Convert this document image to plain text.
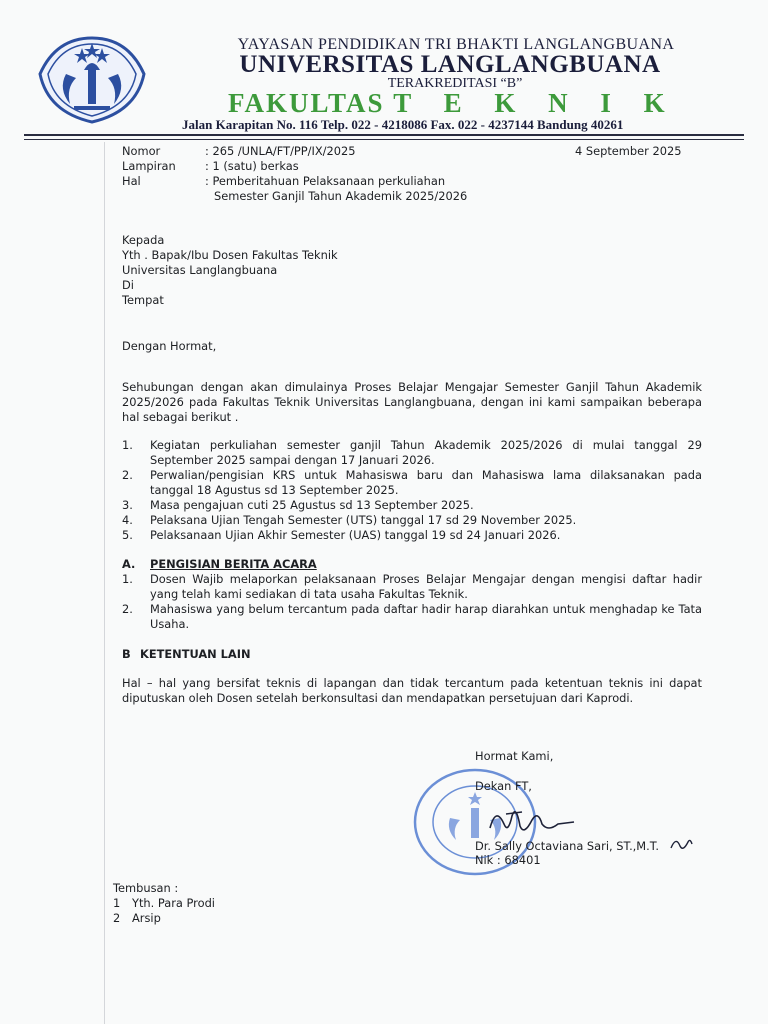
YAYASAN PENDIDIKAN TRI BHAKTI LANGLANGBUANA
UNIVERSITAS LANGLANGBUANA
TERAKREDITASI “B”
FAKULTAS T E K N I K
Jalan Karapitan No. 116 Telp. 022 - 4218086 Fax. 022 - 4237144 Bandung 40261
Nomor	: 265 /UNLA/FT/PP/IX/2025	4 September 2025
Lampiran	: 1 (satu) berkas
Hal	: Pemberitahuan Pelaksanaan perkuliahan
Semester Ganjil Tahun Akademik 2025/2026
Kepada
Yth . Bapak/Ibu Dosen Fakultas Teknik
Universitas Langlangbuana
Di
Tempat
Dengan Hormat,
Sehubungan dengan akan dimulainya Proses Belajar Mengajar Semester Ganjil Tahun Akademik 2025/2026 pada Fakultas Teknik Universitas Langlangbuana, dengan ini kami sampaikan beberapa hal sebagai berikut .
1. Kegiatan perkuliahan semester ganjil Tahun Akademik 2025/2026 di mulai tanggal 29 September 2025 sampai dengan 17 Januari 2026.
2. Perwalian/pengisian KRS untuk Mahasiswa baru dan Mahasiswa lama dilaksanakan pada tanggal 18 Agustus sd 13 September 2025.
3. Masa pengajuan cuti 25 Agustus sd 13 September 2025.
4. Pelaksana Ujian Tengah Semester (UTS) tanggal 17 sd 29 November 2025.
5. Pelaksanaan Ujian Akhir Semester (UAS) tanggal 19 sd 24 Januari 2026.
A. PENGISIAN BERITA ACARA
1. Dosen Wajib melaporkan pelaksanaan Proses Belajar Mengajar dengan mengisi daftar hadir yang telah kami sediakan di tata usaha Fakultas Teknik.
2. Mahasiswa yang belum tercantum pada daftar hadir harap diarahkan untuk menghadap ke Tata Usaha.
B KETENTUAN LAIN
Hal – hal yang bersifat teknis di lapangan dan tidak tercantum pada ketentuan teknis ini dapat diputuskan oleh Dosen setelah berkonsultasi dan mendapatkan persetujuan dari Kaprodi.
Hormat Kami,
Dekan FT,
Dr. Sally Octaviana Sari, ST.,M.T.
Nik : 68401
Tembusan :
1 Yth. Para Prodi
2 Arsip
